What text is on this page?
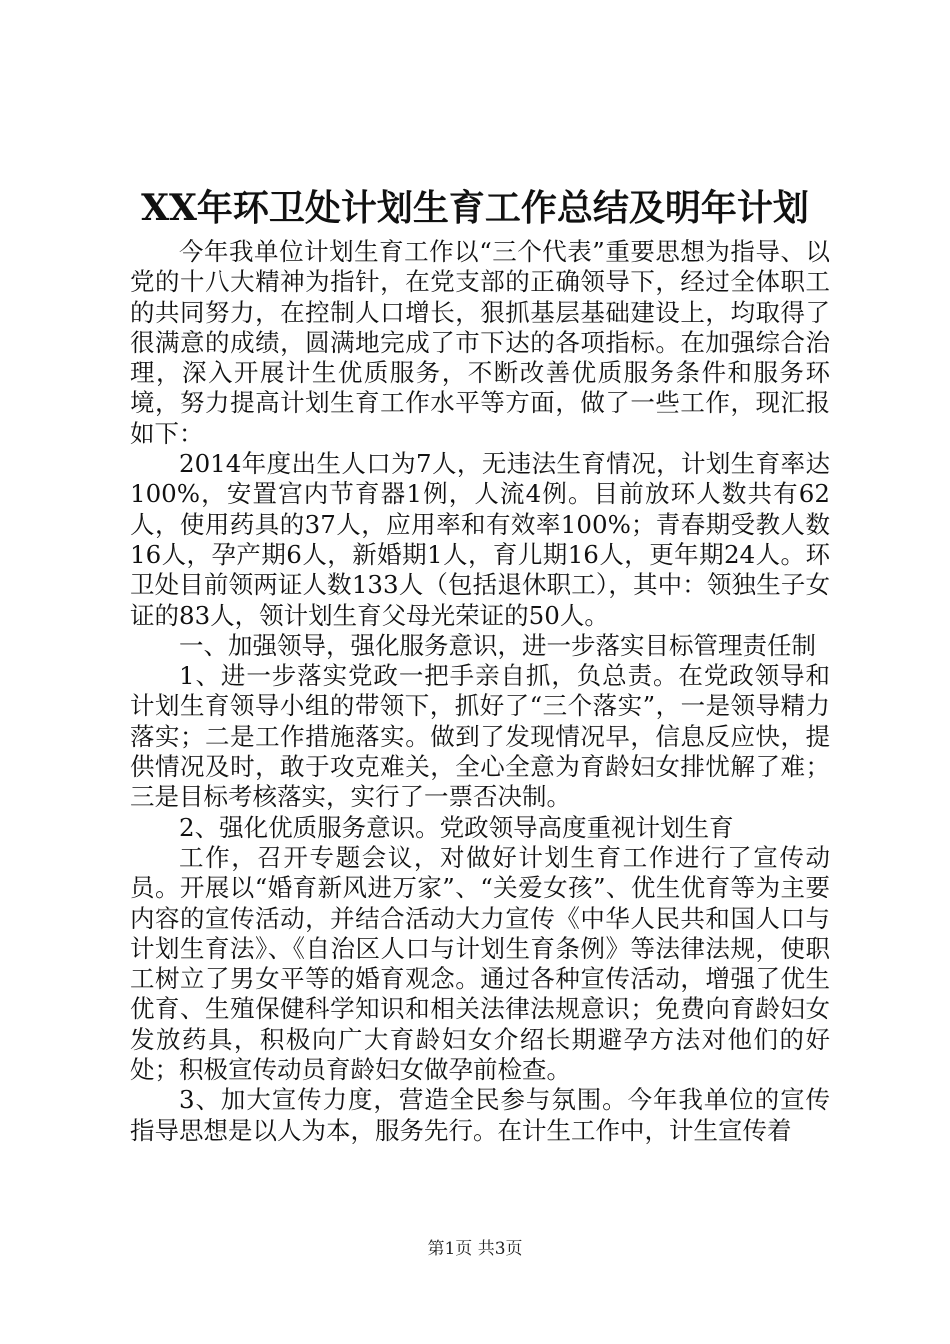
XX年环卫处计划生育工作总结及明年计划

今年我单位计划生育工作以“三个代表”重要思想为指导、以党的十八大精神为指针，在党支部的正确领导下，经过全体职工的共同努力，在控制人口增长，狠抓基层基础建设上，均取得了很满意的成绩，圆满地完成了市下达的各项指标。在加强综合治理，深入开展计生优质服务，不断改善优质服务条件和服务环境，努力提高计划生育工作水平等方面，做了一些工作，现汇报如下：

2014年度出生人口为7人，无违法生育情况，计划生育率达100%，安置宫内节育器1例，人流4例。目前放环人数共有62人，使用药具的37人，应用率和有效率100%；青春期受教人数16人，孕产期6人，新婚期1人，育儿期16人，更年期24人。环卫处目前领两证人数133人（包括退休职工），其中：领独生子女证的83人，领计划生育父母光荣证的50人。

一、加强领导，强化服务意识，进一步落实目标管理责任制

1、进一步落实党政一把手亲自抓，负总责。在党政领导和计划生育领导小组的带领下，抓好了“三个落实”，一是领导精力落实；二是工作措施落实。做到了发现情况早，信息反应快，提供情况及时，敢于攻克难关，全心全意为育龄妇女排忧解了难；三是目标考核落实，实行了一票否决制。

2、强化优质服务意识。党政领导高度重视计划生育

工作，召开专题会议，对做好计划生育工作进行了宣传动员。开展以“婚育新风进万家”、“关爱女孩”、优生优育等为主要内容的宣传活动，并结合活动大力宣传《中华人民共和国人口与计划生育法》、《自治区人口与计划生育条例》等法律法规，使职工树立了男女平等的婚育观念。通过各种宣传活动，增强了优生优育、生殖保健科学知识和相关法律法规意识；免费向育龄妇女发放药具，积极向广大育龄妇女介绍长期避孕方法对他们的好处；积极宣传动员育龄妇女做孕前检查。

3、加大宣传力度，营造全民参与氛围。今年我单位的宣传指导思想是以人为本，服务先行。在计生工作中，计生宣传着

第1页 共3页
